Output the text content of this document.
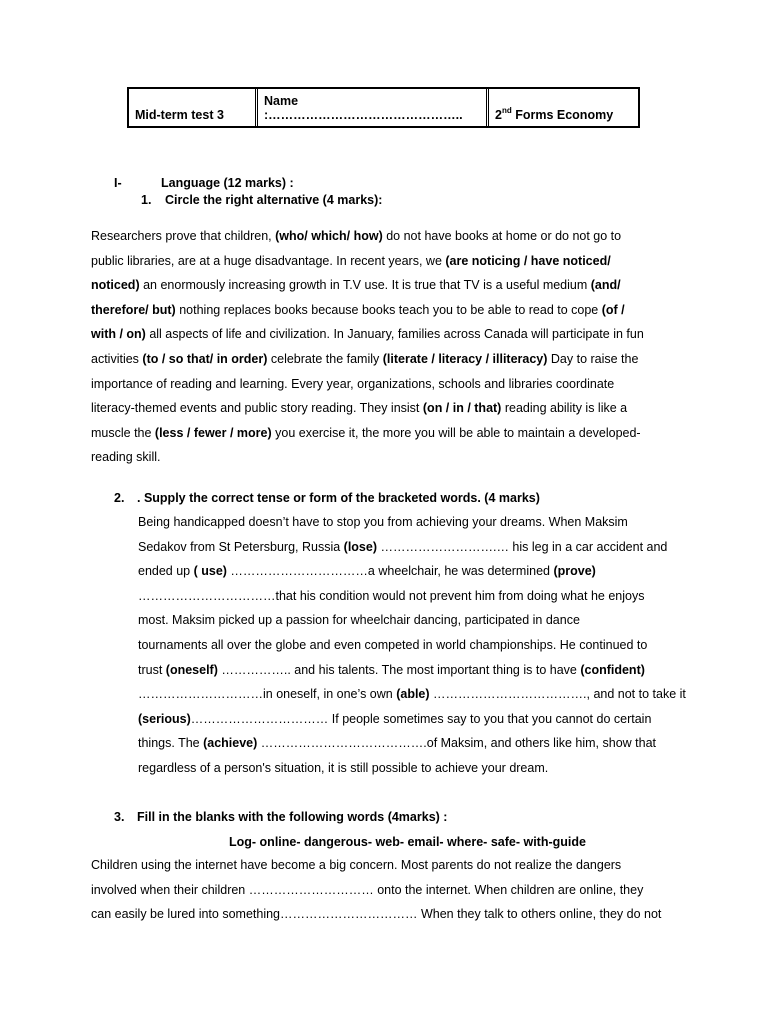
Mid-term test 3
Name :………………………………………..	2nd Forms Economy
I-	Language (12 marks) :
1. Circle the right alternative (4 marks):
Researchers prove that children, (who/ which/ how) do not have books at home or do not go to
public libraries, are at a huge disadvantage. In recent years, we (are noticing / have noticed/
noticed) an enormously increasing growth in T.V use. It is true that TV is a useful medium (and/
therefore/ but) nothing replaces books because books teach you to be able to read to cope (of /
with / on) all aspects of life and civilization. In January, families across Canada will participate in fun
activities (to / so that/ in order) celebrate the family (literate / literacy / illiteracy) Day to raise the
importance of reading and learning. Every year, organizations, schools and libraries coordinate
literacy-themed events and public story reading. They insist (on / in / that) reading ability is like a
muscle the (less / fewer / more) you exercise it, the more you will be able to maintain a developed-
reading skill.
2. . Supply the correct tense or form of the bracketed words. (4 marks)
Being handicapped doesn’t have to stop you from achieving your dreams. When Maksim
Sedakov from St Petersburg, Russia (lose) ……………………….… his leg in a car accident and
ended up ( use) ……………………………a wheelchair, he was determined (prove)
……………………………that his condition would not prevent him from doing what he enjoys
most. Maksim picked up a passion for wheelchair dancing, participated in dance
tournaments all over the globe and even competed in world championships. He continued to
trust (oneself) …………….. and his talents. The most important thing is to have (confident)
…………………………in oneself, in one’s own (able) ………………………………., and not to take it
(serious)…………………………… If people sometimes say to you that you cannot do certain
things. The (achieve) ………………………………….of Maksim, and others like him, show that
regardless of a person's situation, it is still possible to achieve your dream.
3. Fill in the blanks with the following words (4marks) :
Log- online- dangerous- web- email- where- safe- with-guide
Children using the internet have become a big concern. Most parents do not realize the dangers
involved when their children ………………………… onto the internet. When children are online, they
can easily be lured into something…………………………… When they talk to others online, they do not
